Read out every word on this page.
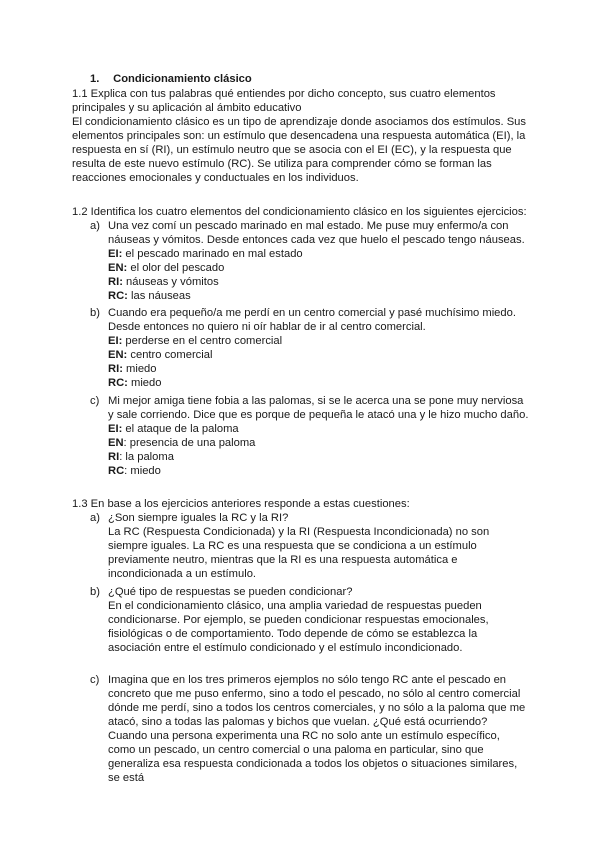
1. Condicionamiento clásico

1.1 Explica con tus palabras qué entiendes por dicho concepto, sus cuatro elementos principales y su aplicación al ámbito educativo

El condicionamiento clásico es un tipo de aprendizaje donde asociamos dos estímulos. Sus elementos principales son: un estímulo que desencadena una respuesta automática (EI), la respuesta en sí (RI), un estímulo neutro que se asocia con el EI (EC), y la respuesta que resulta de este nuevo estímulo (RC). Se utiliza para comprender cómo se forman las reacciones emocionales y conductuales en los individuos.

1.2 Identifica los cuatro elementos del condicionamiento clásico en los siguientes ejercicios:

a) Una vez comí un pescado marinado en mal estado. Me puse muy enfermo/a con náuseas y vómitos. Desde entonces cada vez que huelo el pescado tengo náuseas.

EI: el pescado marinado en mal estado

EN: el olor del pescado

RI: náuseas y vómitos

RC: las náuseas

b) Cuando era pequeño/a me perdí en un centro comercial y pasé muchísimo miedo. Desde entonces no quiero ni oír hablar de ir al centro comercial.

EI: perderse en el centro comercial

EN: centro comercial

RI: miedo

RC: miedo

c) Mi mejor amiga tiene fobia a las palomas, si se le acerca una se pone muy nerviosa y sale corriendo. Dice que es porque de pequeña le atacó una y le hizo mucho daño.

EI: el ataque de la paloma

EN: presencia de una paloma

RI: la paloma

RC: miedo

1.3 En base a los ejercicios anteriores responde a estas cuestiones:

a) ¿Son siempre iguales la RC y la RI?

La RC (Respuesta Condicionada) y la RI (Respuesta Incondicionada) no son siempre iguales. La RC es una respuesta que se condiciona a un estímulo previamente neutro, mientras que la RI es una respuesta automática e incondicionada a un estímulo.

b) ¿Qué tipo de respuestas se pueden condicionar?

En el condicionamiento clásico, una amplia variedad de respuestas pueden condicionarse. Por ejemplo, se pueden condicionar respuestas emocionales, fisiológicas o de comportamiento. Todo depende de cómo se establezca la asociación entre el estímulo condicionado y el estímulo incondicionado.

c) Imagina que en los tres primeros ejemplos no sólo tengo RC ante el pescado en concreto que me puso enfermo, sino a todo el pescado, no sólo al centro comercial dónde me perdí, sino a todos los centros comerciales, y no sólo a la paloma que me atacó, sino a todas las palomas y bichos que vuelan. ¿Qué está ocurriendo?

Cuando una persona experimenta una RC no solo ante un estímulo específico, como un pescado, un centro comercial o una paloma en particular, sino que generaliza esa respuesta condicionada a todos los objetos o situaciones similares, se está
